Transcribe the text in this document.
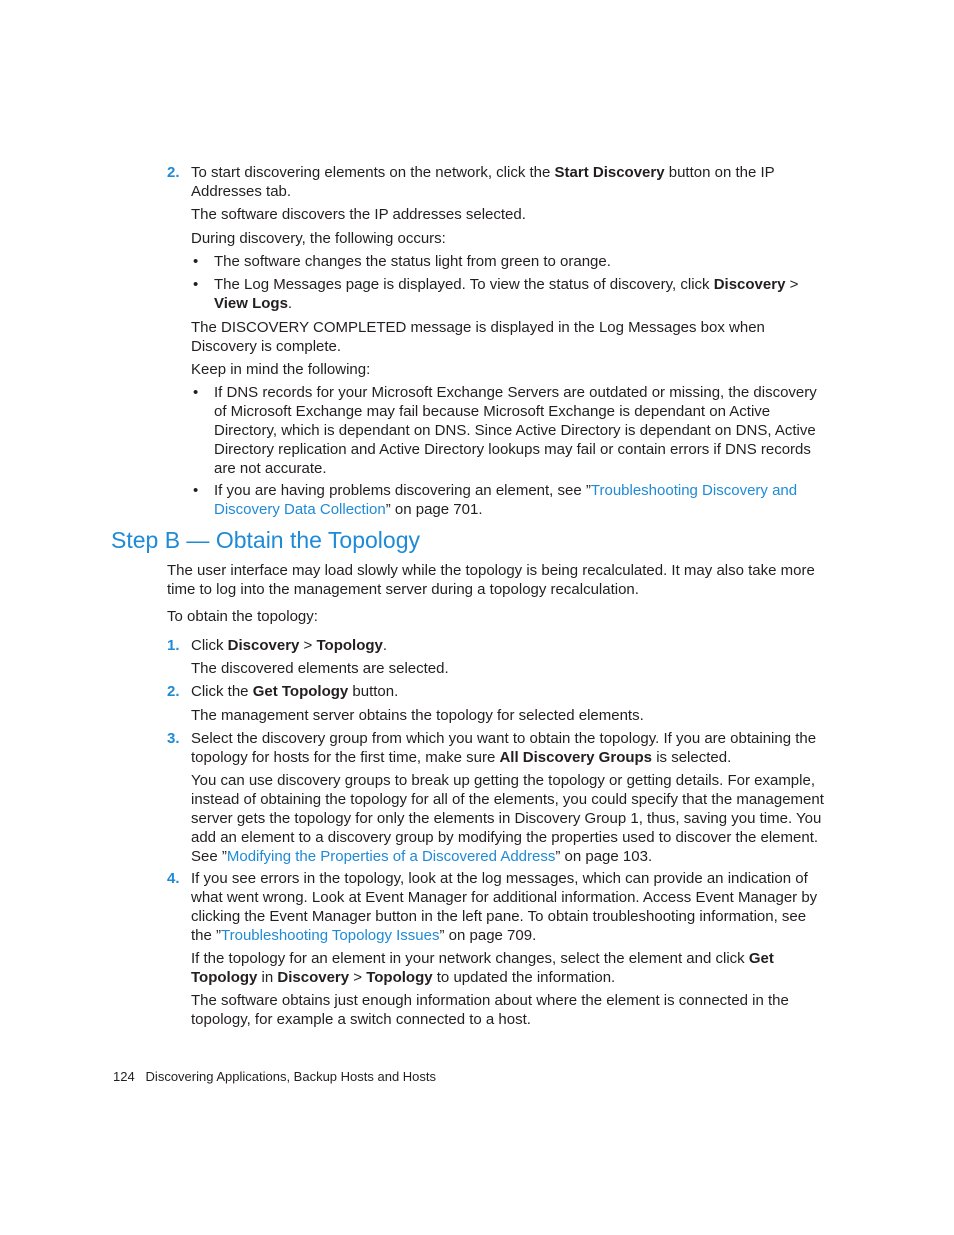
2. To start discovering elements on the network, click the Start Discovery button on the IP Addresses tab.
The software discovers the IP addresses selected.
During discovery, the following occurs:
• The software changes the status light from green to orange.
• The Log Messages page is displayed. To view the status of discovery, click Discovery > View Logs.
The DISCOVERY COMPLETED message is displayed in the Log Messages box when Discovery is complete.
Keep in mind the following:
• If DNS records for your Microsoft Exchange Servers are outdated or missing, the discovery of Microsoft Exchange may fail because Microsoft Exchange is dependant on Active Directory, which is dependant on DNS. Since Active Directory is dependant on DNS, Active Directory replication and Active Directory lookups may fail or contain errors if DNS records are not accurate.
• If you are having problems discovering an element, see ”Troubleshooting Discovery and Discovery Data Collection” on page 701.
Step B — Obtain the Topology
The user interface may load slowly while the topology is being recalculated. It may also take more time to log into the management server during a topology recalculation.
To obtain the topology:
1. Click Discovery > Topology.
The discovered elements are selected.
2. Click the Get Topology button.
The management server obtains the topology for selected elements.
3. Select the discovery group from which you want to obtain the topology. If you are obtaining the topology for hosts for the first time, make sure All Discovery Groups is selected.
You can use discovery groups to break up getting the topology or getting details. For example, instead of obtaining the topology for all of the elements, you could specify that the management server gets the topology for only the elements in Discovery Group 1, thus, saving you time. You add an element to a discovery group by modifying the properties used to discover the element. See ”Modifying the Properties of a Discovered Address” on page 103.
4. If you see errors in the topology, look at the log messages, which can provide an indication of what went wrong. Look at Event Manager for additional information. Access Event Manager by clicking the Event Manager button in the left pane. To obtain troubleshooting information, see the ”Troubleshooting Topology Issues” on page 709.
If the topology for an element in your network changes, select the element and click Get Topology in Discovery > Topology to updated the information.
The software obtains just enough information about where the element is connected in the topology, for example a switch connected to a host.
124 Discovering Applications, Backup Hosts and Hosts
